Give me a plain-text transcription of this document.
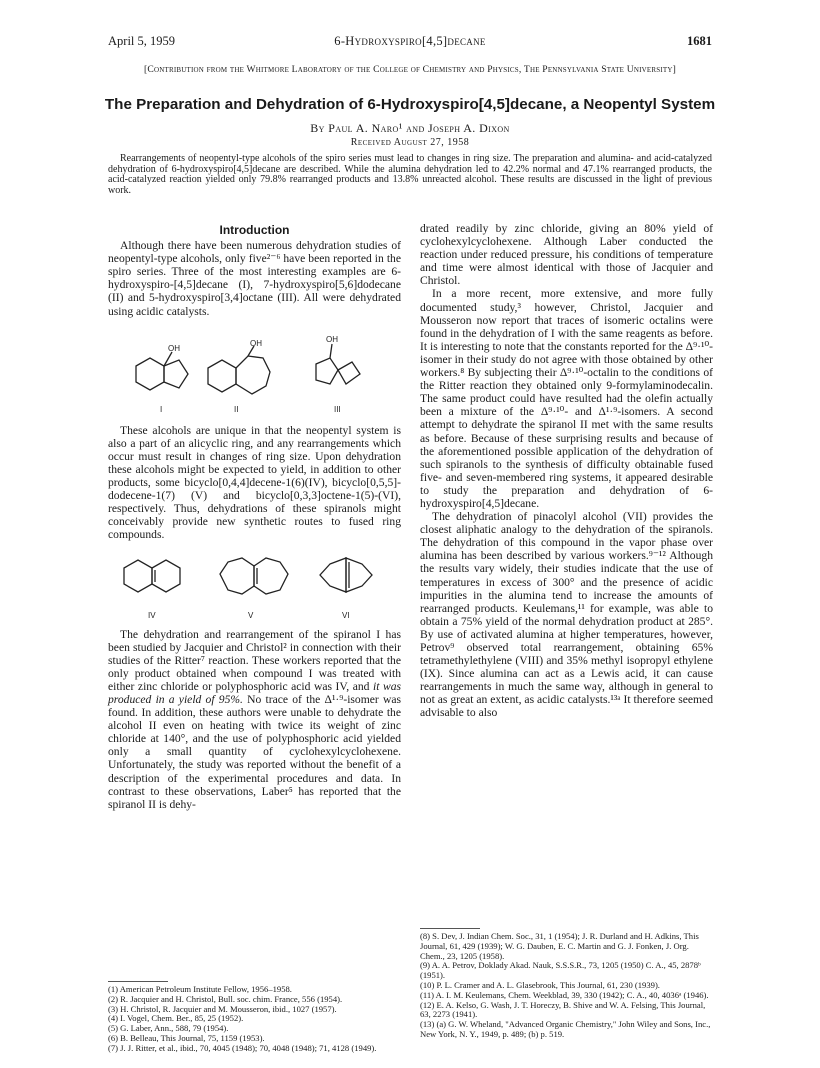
April 5, 1959	6-Hydroxyspiro[4,5]decane	1681
[Contribution from the Whitmore Laboratory of the College of Chemistry and Physics, The Pennsylvania State University]
The Preparation and Dehydration of 6-Hydroxyspiro[4,5]decane, a Neopentyl System
By Paul A. Naro¹ and Joseph A. Dixon
Received August 27, 1958
Rearrangements of neopentyl-type alcohols of the spiro series must lead to changes in ring size. The preparation and alumina- and acid-catalyzed dehydration of 6-hydroxyspiro[4,5]decane are described. While the alumina dehydration led to 42.2% normal and 47.1% rearranged products, the acid-catalyzed reaction yielded only 79.8% rearranged products and 13.8% unreacted alcohol. These results are discussed in the light of previous work.

Introduction

Although there have been numerous dehydration studies of neopentyl-type alcohols, only five²⁻⁶ have been reported in the spiro series. Three of the most interesting examples are 6-hydroxyspiro-[4,5]decane (I), 7-hydroxyspiro[5,6]dodecane (II) and 5-hydroxyspiro[3,4]octane (III). All were dehydrated using acidic catalysts.

OH
OH	OH
I	II	III

These alcohols are unique in that the neopentyl system is also a part of an alicyclic ring, and any rearrangements which occur must result in changes of ring size. Upon dehydration these alcohols might be expected to yield, in addition to other products, some bicyclo[0,4,4]decene-1(6)(IV), bicyclo[0,5,5]-dodecene-1(7) (V) and bicyclo[0,3,3]octene-1(5)-(VI), respectively. Thus, dehydrations of these spiranols might conceivably provide new synthetic routes to fused ring compounds.

IV	V	VI

The dehydration and rearrangement of the spiranol I has been studied by Jacquier and Christol² in connection with their studies of the Ritter⁷ reaction. These workers reported that the only product obtained when compound I was treated with either zinc chloride or polyphosphoric acid was IV, and it was produced in a yield of 95%. No trace of the Δ¹·⁹-isomer was found. In addition, these authors were unable to dehydrate the alcohol II even on heating with twice its weight of zinc chloride at 140°, and the use of polyphosphoric acid yielded only a small quantity of cyclohexylcyclohexene. Unfortunately, the study was reported without the benefit of a description of the experimental procedures and data. In contrast to these observations, Laber⁵ has reported that the spiranol II is dehy-

drated readily by zinc chloride, giving an 80% yield of cyclohexylcyclohexene. Although Laber conducted the reaction under reduced pressure, his conditions of temperature and time were almost identical with those of Jacquier and Christol.

In a more recent, more extensive, and more fully documented study,³ however, Christol, Jacquier and Mousseron now report that traces of isomeric octalins were found in the dehydration of I with the same reagents as before. It is interesting to note that the constants reported for the Δ⁹·¹⁰-isomer in their study do not agree with those obtained by other workers.⁸ By subjecting their Δ⁹·¹⁰-octalin to the conditions of the Ritter reaction they obtained only 9-formylaminodecalin. The same product could have resulted had the olefin actually been a mixture of the Δ⁹·¹⁰- and Δ¹·⁹-isomers. A second attempt to dehydrate the spiranol II met with the same results as before. Because of these surprising results and because of the aforementioned possible application of the dehydration of such spiranols to the synthesis of difficulty obtainable fused five- and seven-membered ring systems, it appeared desirable to study the preparation and dehydration of 6-hydroxyspiro[4,5]decane.

The dehydration of pinacolyl alcohol (VII) provides the closest aliphatic analogy to the dehydration of the spiranols. The dehydration of this compound in the vapor phase over alumina has been described by various workers.⁹⁻¹² Although the results vary widely, their studies indicate that the use of temperatures in excess of 300° and the presence of acidic impurities in the alumina tend to increase the amounts of rearranged products. Keulemans,¹¹ for example, was able to obtain a 75% yield of the normal dehydration product at 285°. By use of activated alumina at higher temperatures, however, Petrov⁹ observed total rearrangement, obtaining 65% tetramethylethylene (VIII) and 35% methyl isopropyl ethylene (IX). Since alumina can act as a Lewis acid, it can cause rearrangements in much the same way, although in general to not as great an extent, as acidic catalysts.¹³ᵃ It therefore seemed advisable to also

(1) American Petroleum Institute Fellow, 1956–1958.
(2) R. Jacquier and H. Christol, Bull. soc. chim. France, 556 (1954).
(3) H. Christol, R. Jacquier and M. Mousseron, ibid., 1027 (1957).
(4) I. Vogel, Chem. Ber., 85, 25 (1952).
(5) G. Laber, Ann., 588, 79 (1954).
(6) B. Belleau, This Journal, 75, 1159 (1953).
(7) J. J. Ritter, et al., ibid., 70, 4045 (1948); 70, 4048 (1948); 71, 4128 (1949).
(8) S. Dev, J. Indian Chem. Soc., 31, 1 (1954); J. R. Durland and H. Adkins, This Journal, 61, 429 (1939); W. G. Dauben, E. C. Martin and G. J. Fonken, J. Org. Chem., 23, 1205 (1958).
(9) A. A. Petrov, Doklady Akad. Nauk, S.S.S.R., 73, 1205 (1950) C. A., 45, 2878ᵇ (1951).
(10) P. L. Cramer and A. L. Glasebrook, This Journal, 61, 230 (1939).
(11) A. I. M. Keulemans, Chem. Weekblad, 39, 330 (1942); C. A., 40, 4036ᵃ (1946).
(12) E. A. Kelso, G. Wash, J. T. Horeczy, B. Shive and W. A. Felsing, This Journal, 63, 2273 (1941).
(13) (a) G. W. Wheland, "Advanced Organic Chemistry," John Wiley and Sons, Inc., New York, N. Y., 1949, p. 489; (b) p. 519.
